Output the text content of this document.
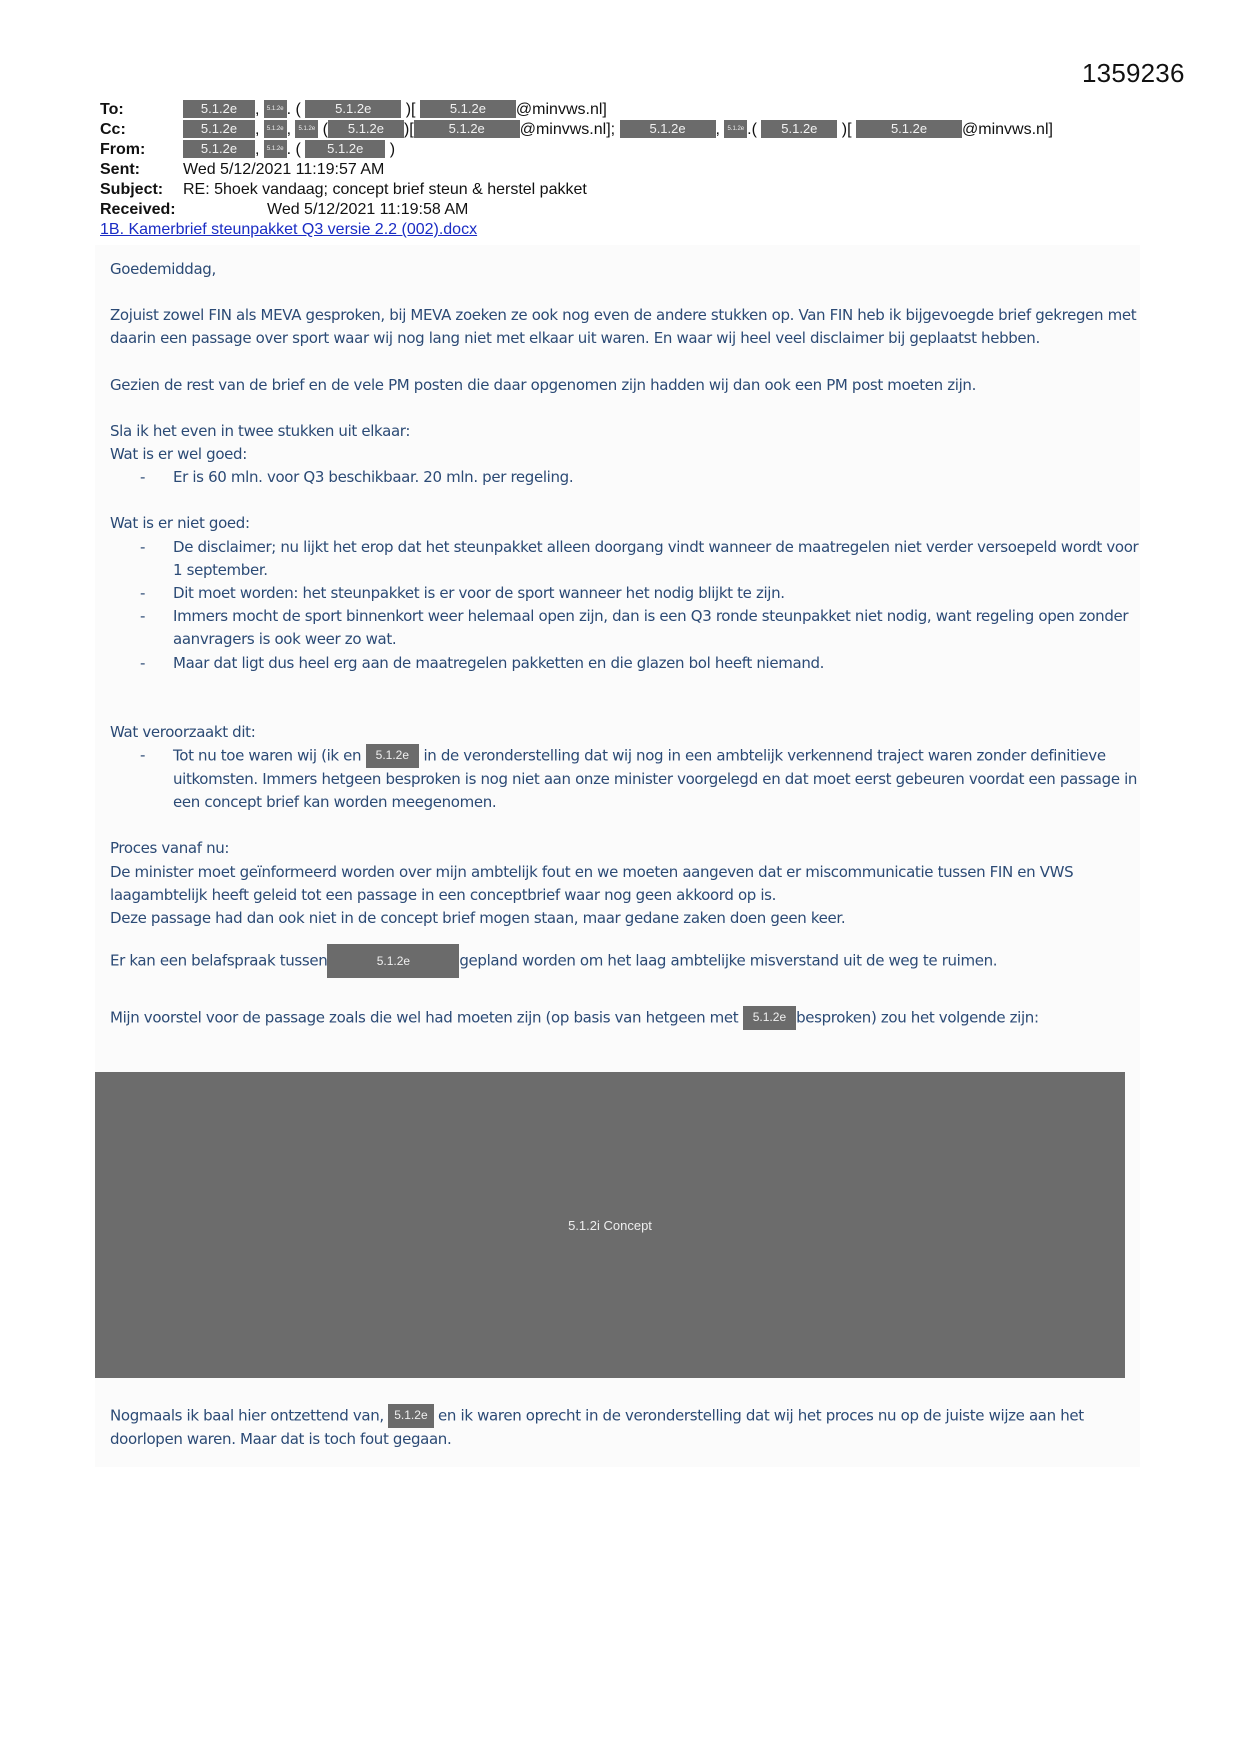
1359236
To:	5.1.2e , 5.1.2e . ( 5.1.2e )[ 5.1.2e @minvws.nl]
Cc:	5.1.2e , 5.1.2e , 5.1.2e ( 5.1.2e )[	5.1.2e @minvws.nl];	5.1.2e , 5.1.2e .( 5.1.2e )[	5.1.2e @minvws.nl]
From:	5.1.2e , 5.1.2e . ( 5.1.2e )
Sent:	Wed 5/12/2021 11:19:57 AM
Subject: RE: 5hoek vandaag; concept brief steun & herstel pakket
Received:	Wed 5/12/2021 11:19:58 AM
1B. Kamerbrief steunpakket Q3 versie 2.2 (002).docx

Goedemiddag,

Zojuist zowel FIN als MEVA gesproken, bij MEVA zoeken ze ook nog even de andere stukken op. Van FIN heb ik bijgevoegde brief gekregen met daarin een passage over sport waar wij nog lang niet met elkaar uit waren. En waar wij heel veel disclaimer bij geplaatst hebben.

Gezien de rest van de brief en de vele PM posten die daar opgenomen zijn hadden wij dan ook een PM post moeten zijn.

Sla ik het even in twee stukken uit elkaar:

Wat is er wel goed:

- Er is 60 mln. voor Q3 beschikbaar. 20 mln. per regeling.

Wat is er niet goed:

- De disclaimer; nu lijkt het erop dat het steunpakket alleen doorgang vindt wanneer de maatregelen niet verder versoepeld wordt voor 1 september.
- Dit moet worden: het steunpakket is er voor de sport wanneer het nodig blijkt te zijn.
- Immers mocht de sport binnenkort weer helemaal open zijn, dan is een Q3 ronde steunpakket niet nodig, want regeling open zonder aanvragers is ook weer zo wat.
- Maar dat ligt dus heel erg aan de maatregelen pakketten en die glazen bol heeft niemand.

Wat veroorzaakt dit:

- Tot nu toe waren wij (ik en 5.1.2e in de veronderstelling dat wij nog in een ambtelijk verkennend traject waren zonder definitieve uitkomsten. Immers hetgeen besproken is nog niet aan onze minister voorgelegd en dat moet eerst gebeuren voordat een passage in een concept brief kan worden meegenomen.

Proces vanaf nu:

De minister moet geïnformeerd worden over mijn ambtelijk fout en we moeten aangeven dat er miscommunicatie tussen FIN en VWS laagambtelijk heeft geleid tot een passage in een conceptbrief waar nog geen akkoord op is.

Deze passage had dan ook niet in de concept brief mogen staan, maar gedane zaken doen geen keer.

Er kan een belafspraak tussen	5.1.2e	gepland worden om het laag ambtelijke misverstand uit de weg te ruimen.

Mijn voorstel voor de passage zoals die wel had moeten zijn (op basis van hetgeen met 5.1.2e besproken) zou het volgende zijn:

5.1.2i Concept

Nogmaals ik baal hier ontzettend van, 5.1.2e en ik waren oprecht in de veronderstelling dat wij het proces nu op de juiste wijze aan het doorlopen waren. Maar dat is toch fout gegaan.
